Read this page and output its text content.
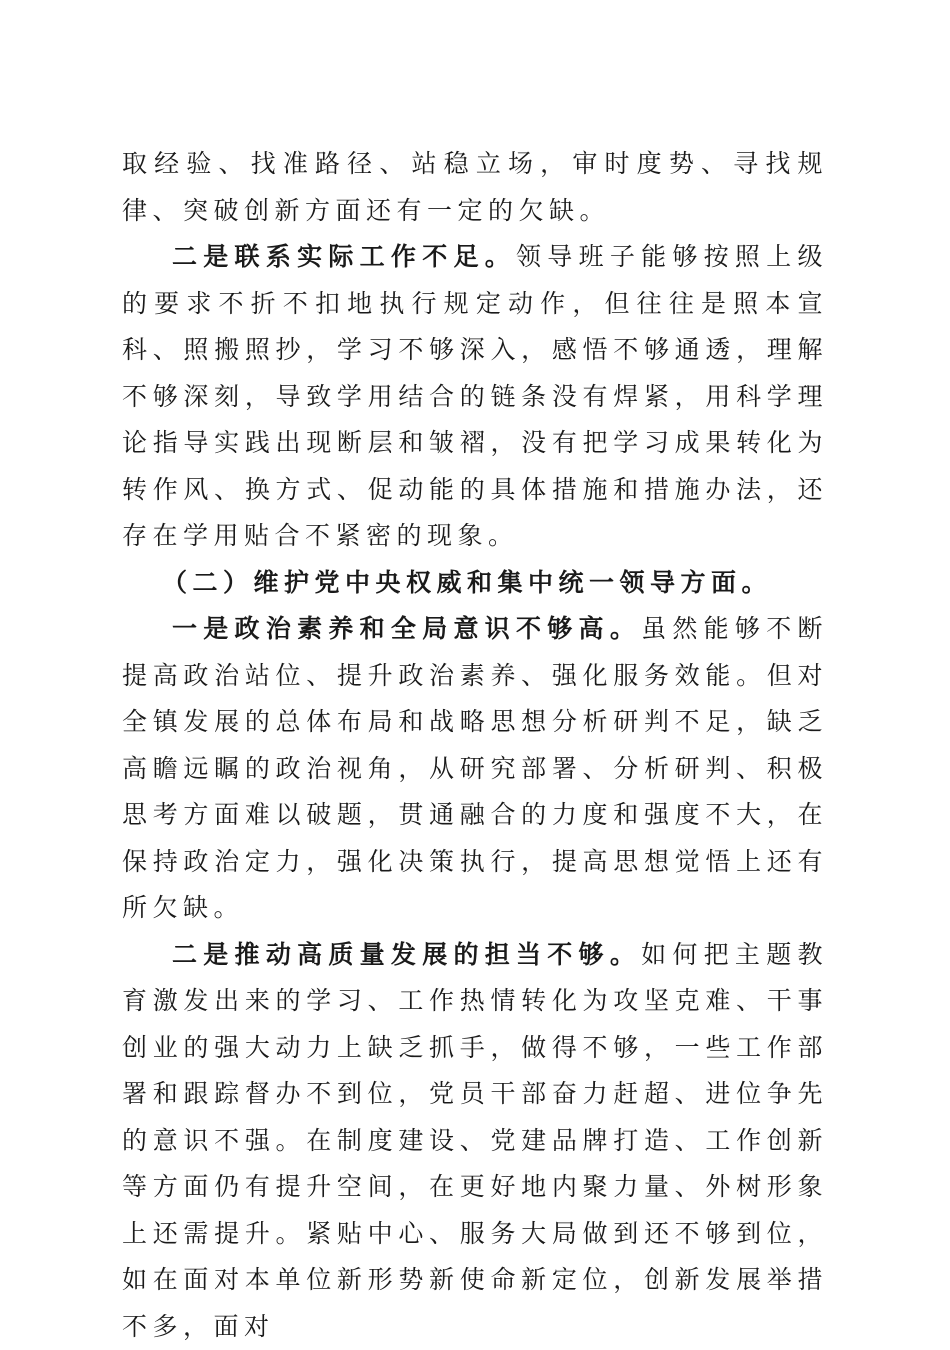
取经验、找准路径、站稳立场，审时度势、寻找规律、突破创新方面还有一定的欠缺。

二是联系实际工作不足。领导班子能够按照上级的要求不折不扣地执行规定动作，但往往是照本宣科、照搬照抄，学习不够深入，感悟不够通透，理解不够深刻，导致学用结合的链条没有焊紧，用科学理论指导实践出现断层和皱褶，没有把学习成果转化为转作风、换方式、促动能的具体措施和措施办法，还存在学用贴合不紧密的现象。

（二）维护党中央权威和集中统一领导方面。

一是政治素养和全局意识不够高。虽然能够不断提高政治站位、提升政治素养、强化服务效能。但对全镇发展的总体布局和战略思想分析研判不足，缺乏高瞻远瞩的政治视角，从研究部署、分析研判、积极思考方面难以破题，贯通融合的力度和强度不大，在保持政治定力，强化决策执行，提高思想觉悟上还有所欠缺。

二是推动高质量发展的担当不够。如何把主题教育激发出来的学习、工作热情转化为攻坚克难、干事创业的强大动力上缺乏抓手，做得不够，一些工作部署和跟踪督办不到位，党员干部奋力赶超、进位争先的意识不强。在制度建设、党建品牌打造、工作创新等方面仍有提升空间，在更好地内聚力量、外树形象上还需提升。紧贴中心、服务大局做到还不够到位，如在面对本单位新形势新使命新定位，创新发展举措不多，面对
